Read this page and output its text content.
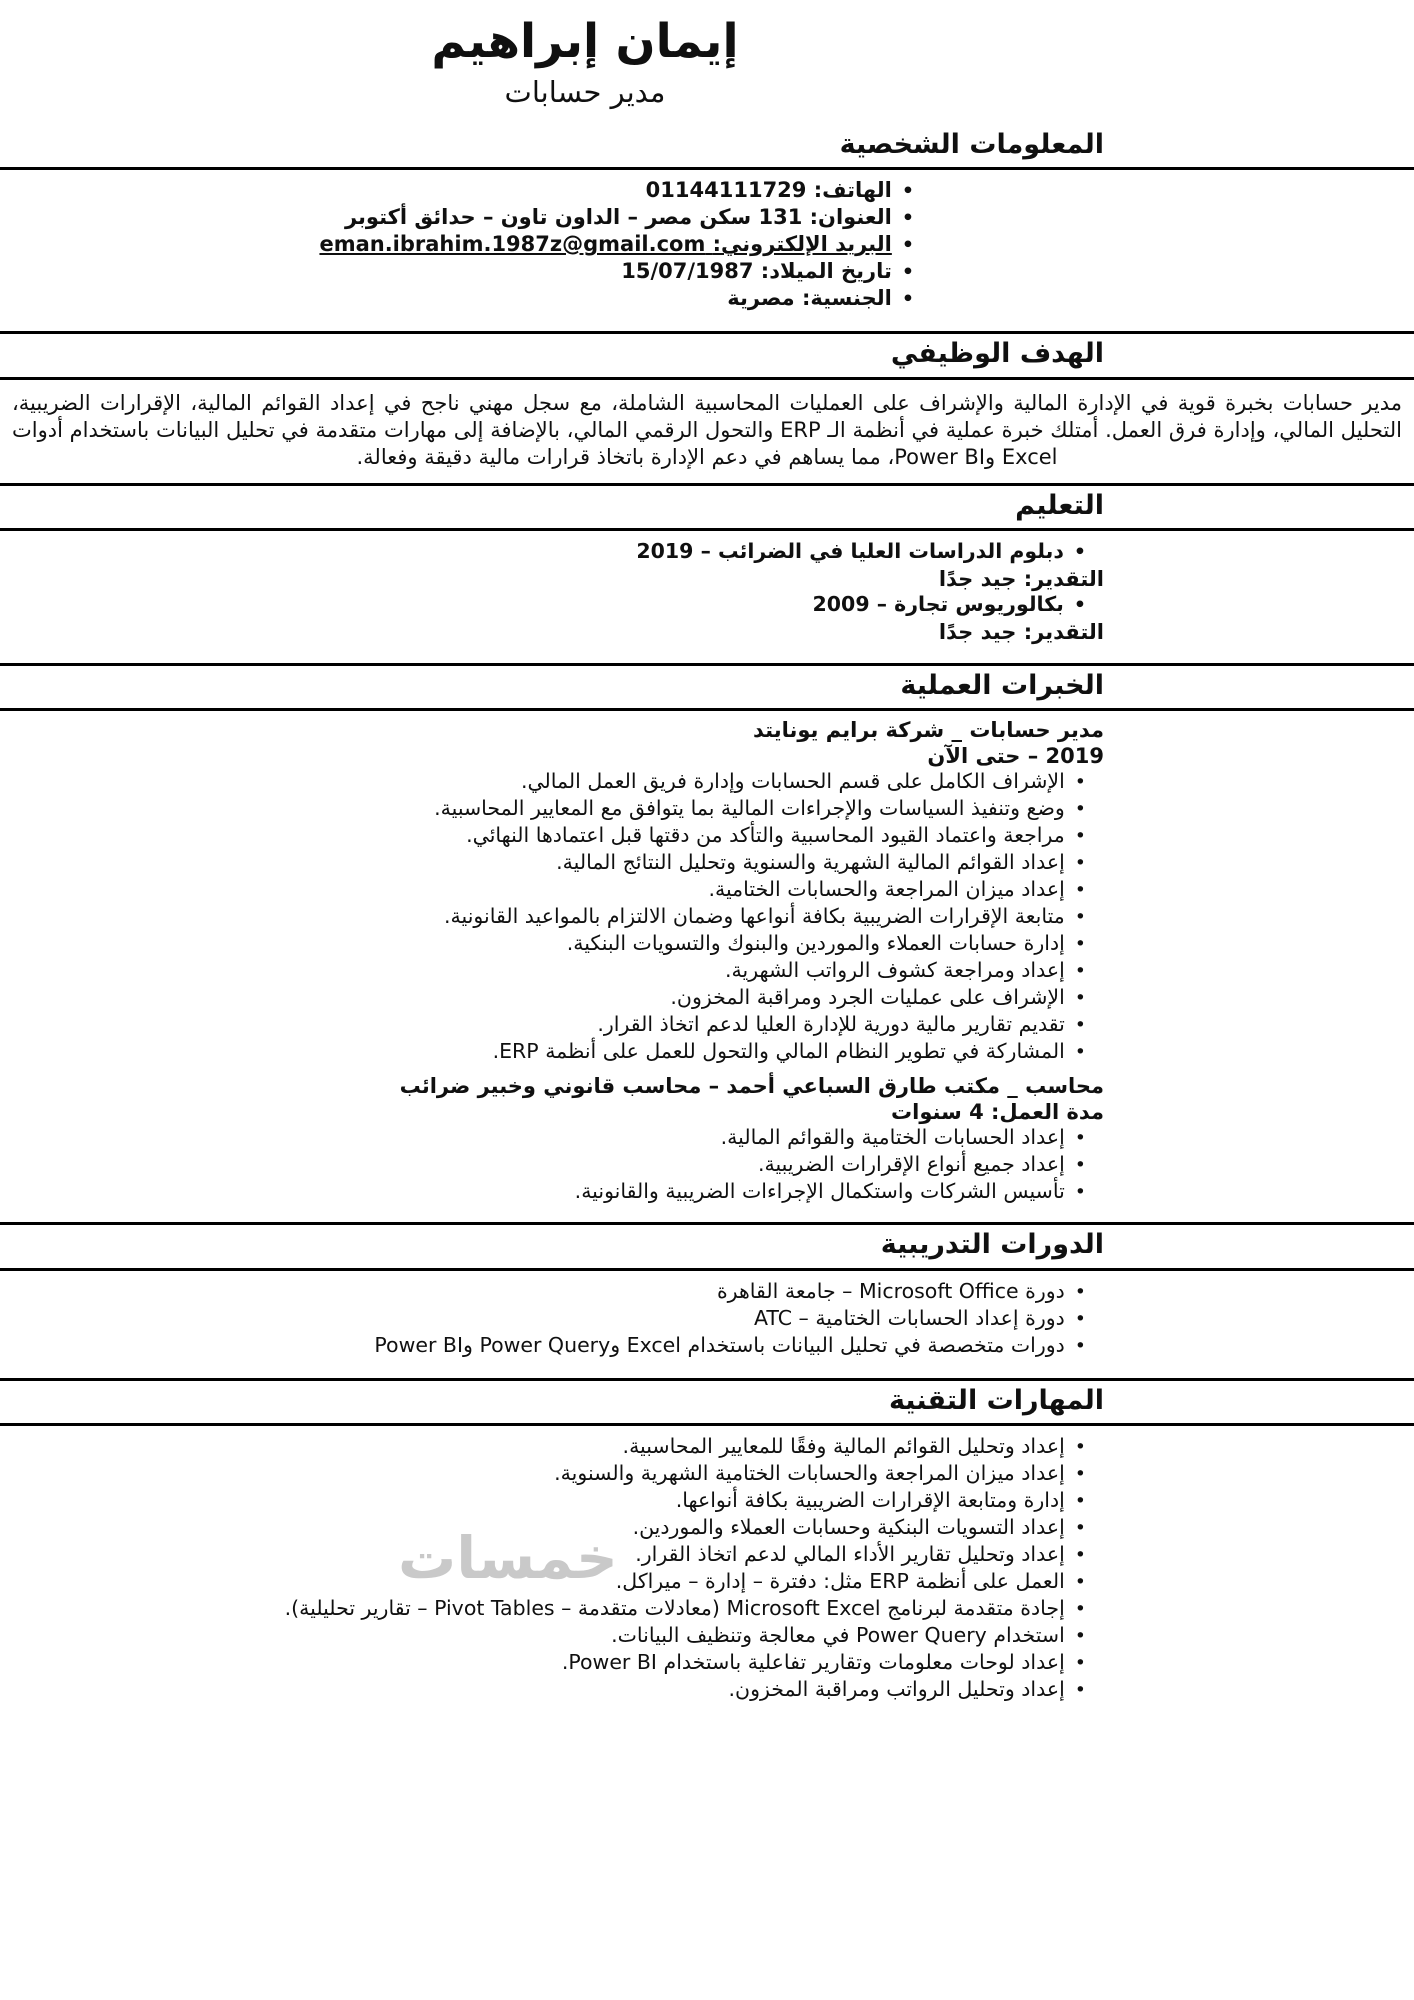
خمسات
إيمان إبراهيم
مدير حسابات
المعلومات الشخصية
•
الهاتف: 01144111729
•
العنوان: 131 سكن مصر – الداون تاون – حدائق أكتوبر
•
البريد الإلكتروني: eman.ibrahim.1987z@gmail.com
•
تاريخ الميلاد: 15/07/1987
•
الجنسية: مصرية
الهدف الوظيفي

مدير حسابات بخبرة قوية في الإدارة المالية والإشراف على العمليات المحاسبية الشاملة، مع سجل مهني ناجح في إعداد القوائم المالية، الإقرارات الضريبية، التحليل المالي، وإدارة فرق العمل. أمتلك خبرة عملية في أنظمة الـ ERP والتحول الرقمي المالي، بالإضافة إلى مهارات متقدمة في تحليل البيانات باستخدام أدوات Excel وPower BI، مما يساهم في دعم الإدارة باتخاذ قرارات مالية دقيقة وفعالة.

التعليم
•
دبلوم الدراسات العليا في الضرائب – 2019
التقدير: جيد جدًا
•
بكالوريوس تجارة – 2009
التقدير: جيد جدًا
الخبرات العملية
مدير حسابات _ شركة برايم يونايتد
2019 – حتى الآن
•
الإشراف الكامل على قسم الحسابات وإدارة فريق العمل المالي.
•
وضع وتنفيذ السياسات والإجراءات المالية بما يتوافق مع المعايير المحاسبية.
•
مراجعة واعتماد القيود المحاسبية والتأكد من دقتها قبل اعتمادها النهائي.
•
إعداد القوائم المالية الشهرية والسنوية وتحليل النتائج المالية.
•
إعداد ميزان المراجعة والحسابات الختامية.
•
متابعة الإقرارات الضريبية بكافة أنواعها وضمان الالتزام بالمواعيد القانونية.
•
إدارة حسابات العملاء والموردين والبنوك والتسويات البنكية.
•
إعداد ومراجعة كشوف الرواتب الشهرية.
•
الإشراف على عمليات الجرد ومراقبة المخزون.
•
تقديم تقارير مالية دورية للإدارة العليا لدعم اتخاذ القرار.
•
المشاركة في تطوير النظام المالي والتحول للعمل على أنظمة ERP.
محاسب _ مكتب طارق السباعي أحمد – محاسب قانوني وخبير ضرائب
مدة العمل: 4 سنوات
•
إعداد الحسابات الختامية والقوائم المالية.
•
إعداد جميع أنواع الإقرارات الضريبية.
•
تأسيس الشركات واستكمال الإجراءات الضريبية والقانونية.
الدورات التدريبية
•
دورة Microsoft Office – جامعة القاهرة
•
دورة إعداد الحسابات الختامية – ATC
•
دورات متخصصة في تحليل البيانات باستخدام Excel وPower Query وPower BI
المهارات التقنية
•
إعداد وتحليل القوائم المالية وفقًا للمعايير المحاسبية.
•
إعداد ميزان المراجعة والحسابات الختامية الشهرية والسنوية.
•
إدارة ومتابعة الإقرارات الضريبية بكافة أنواعها.
•
إعداد التسويات البنكية وحسابات العملاء والموردين.
•
إعداد وتحليل تقارير الأداء المالي لدعم اتخاذ القرار.
•
العمل على أنظمة ERP مثل: دفترة – إدارة – ميراكل.
•
إجادة متقدمة لبرنامج Microsoft Excel (معادلات متقدمة – Pivot Tables – تقارير تحليلية).
•
استخدام Power Query في معالجة وتنظيف البيانات.
•
إعداد لوحات معلومات وتقارير تفاعلية باستخدام Power BI.
•
إعداد وتحليل الرواتب ومراقبة المخزون.
